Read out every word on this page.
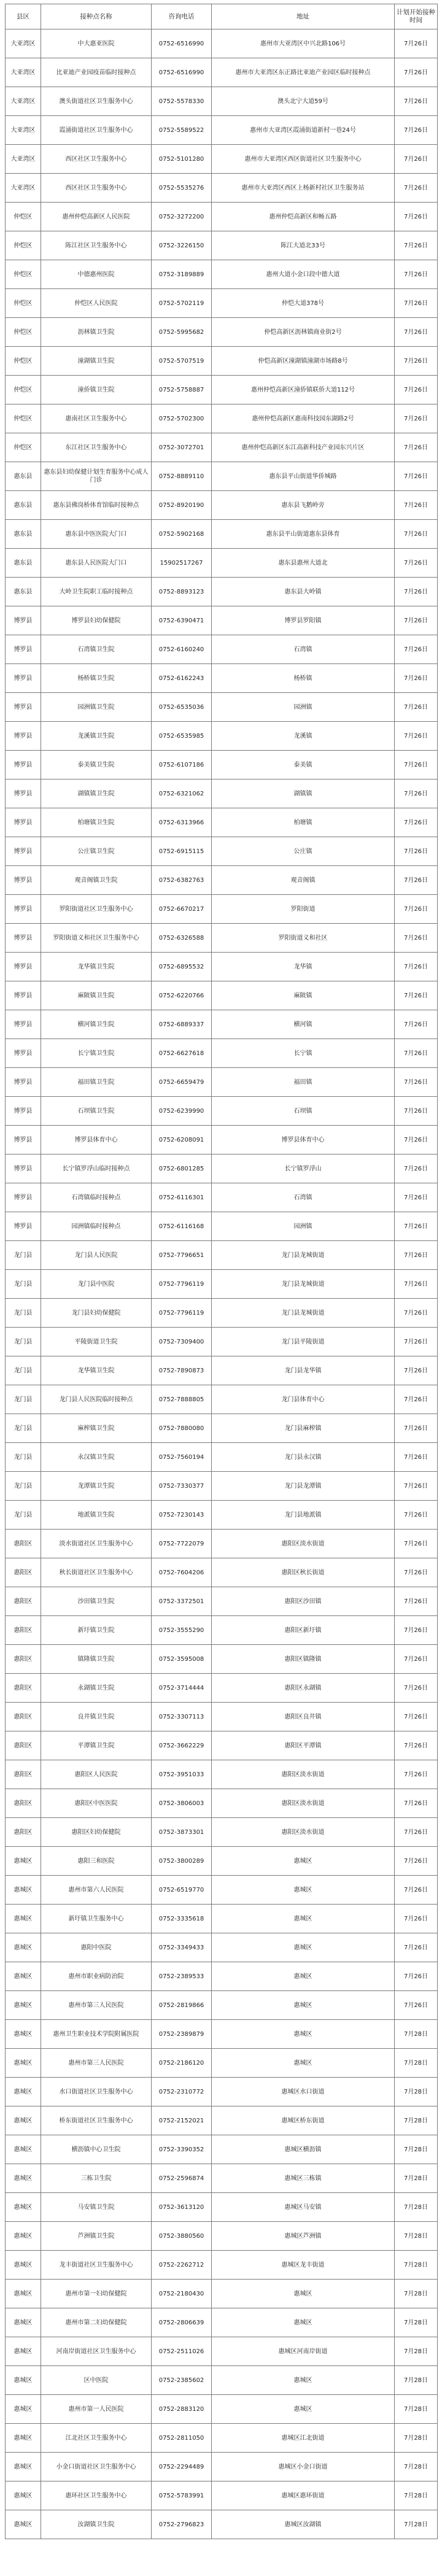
县区	接种点名称	咨询电话	地址	计划开始接种时间
大亚湾区	中大惠亚医院	0752-6516990	惠州市大亚湾区中兴北路106号	7月26日
大亚湾区	比亚迪产业园疫苗临时接种点	0752-6516990	惠州市大亚湾区东正路比亚迪产业园区临时接种点	7月26日
大亚湾区	澳头街道社区卫生服务中心	0752-5578330	澳头北宁大道59号	7月26日
大亚湾区	霞涌街道社区卫生服务中心	0752-5589522	惠州市大亚湾区霞涌街道新村一巷24号	7月26日
大亚湾区	西区社区卫生服务中心	0752-5101280	惠州市大亚湾区西区街道社区卫生服务中心	7月26日
大亚湾区	西区社区卫生服务中心	0752-5535276	惠州市大亚湾区西区上杨新村社区卫生服务站	7月26日
仲恺区	惠州仲恺高新区人民医院	0752-3272200	惠州仲恺高新区和畅五路	7月26日
仲恺区	陈江社区卫生服务中心	0752-3226150	陈江大道北33号	7月26日
仲恺区	中德惠州医院	0752-3189889	惠州大道小金口段中德大道	7月26日
仲恺区	仲恺区人民医院	0752-5702119	仲恺大道378号	7月26日
仲恺区	沥林镇卫生院	0752-5995682	仲恺高新区沥林镇商业街2号	7月26日
仲恺区	潼湖镇卫生院	0752-5707519	仲恺高新区潼湖镇潼湖市场路8号	7月26日
仲恺区	潼侨镇卫生院	0752-5758887	惠州仲恺高新区潼侨镇联侨大道112号	7月26日
仲恺区	惠南社区卫生服务中心	0752-5702300	惠州仲恺高新区惠南科技园东湖路2号	7月26日
仲恺区	东江社区卫生服务中心	0752-3072701	惠州仲恺高新区东江高新科技产业园东兴片区	7月26日
惠东县	惠东县妇幼保健计划生育服务中心成人门诊	0752-8889110	惠东县平山街道华侨城路	7月26日
惠东县	惠东县佛岗桥体育馆临时接种点	0752-8920190	惠东县飞鹅岭旁	7月26日
惠东县	惠东县中医医院大门口	0752-5902168	惠东县平山街道惠东县体育	7月26日
惠东县	惠东县人民医院大门口	15902517267	惠东县惠州大道北	7月26日
惠东县	大岭卫生院职工临时接种点	0752-8893123	惠东县大岭镇	7月26日
博罗县	博罗县妇幼保健院	0752-6390471	博罗县罗阳镇	7月26日
博罗县	石湾镇卫生院	0752-6160240	石湾镇	7月26日
博罗县	杨桥镇卫生院	0752-6162243	杨桥镇	7月26日
博罗县	园洲镇卫生院	0752-6535036	园洲镇	7月26日
博罗县	龙溪镇卫生院	0752-6535985	龙溪镇	7月26日
博罗县	泰美镇卫生院	0752-6107186	泰美镇	7月26日
博罗县	湖镇镇卫生院	0752-6321062	湖镇镇	7月26日
博罗县	柏塘镇卫生院	0752-6313966	柏塘镇	7月26日
博罗县	公庄镇卫生院	0752-6915115	公庄镇	7月26日
博罗县	观音阁镇卫生院	0752-6382763	观音阁镇	7月26日
博罗县	罗阳街道社区卫生服务中心	0752-6670217	罗阳街道	7月26日
博罗县	罗阳街道义和社区卫生服务中心	0752-6326588	罗阳街道义和社区	7月26日
博罗县	龙华镇卫生院	0752-6895532	龙华镇	7月26日
博罗县	麻陂镇卫生院	0752-6220766	麻陂镇	7月26日
博罗县	横河镇卫生院	0752-6889337	横河镇	7月26日
博罗县	长宁镇卫生院	0752-6627618	长宁镇	7月26日
博罗县	福田镇卫生院	0752-6659479	福田镇	7月26日
博罗县	石坝镇卫生院	0752-6239990	石坝镇	7月26日
博罗县	博罗县体育中心	0752-6208091	博罗县体育中心	7月26日
博罗县	长宁镇罗浮山临时接种点	0752-6801285	长宁镇罗浮山	7月26日
博罗县	石湾镇临时接种点	0752-6116301	石湾镇	7月26日
博罗县	园洲镇临时接种点	0752-6116168	园洲镇	7月26日
龙门县	龙门县人民医院	0752-7796651	龙门县龙城街道	7月26日
龙门县	龙门县中医院	0752-7796119	龙门县龙城街道	7月26日
龙门县	龙门县妇幼保健院	0752-7796119	龙门县龙城街道	7月26日
龙门县	平陵街道卫生院	0752-7309400	龙门县平陵街道	7月26日
龙门县	龙华镇卫生院	0752-7890873	龙门县龙华镇	7月26日
龙门县	龙门县人民医院临时接种点	0752-7888805	龙门县体育中心	7月26日
龙门县	麻榨镇卫生院	0752-7880080	龙门县麻榨镇	7月26日
龙门县	永汉镇卫生院	0752-7560194	龙门县永汉镇	7月26日
龙门县	龙潭镇卫生院	0752-7330377	龙门县龙潭镇	7月26日
龙门县	地派镇卫生院	0752-7230143	龙门县地派镇	7月26日
惠阳区	淡水街道社区卫生服务中心	0752-7722079	惠阳区淡水街道	7月26日
惠阳区	秋长街道社区卫生服务中心	0752-7604206	惠阳区秋长街道	7月26日
惠阳区	沙田镇卫生院	0752-3372501	惠阳区沙田镇	7月26日
惠阳区	新圩镇卫生院	0752-3555290	惠阳区新圩镇	7月26日
惠阳区	镇隆镇卫生院	0752-3595008	惠阳区镇隆镇	7月26日
惠阳区	永湖镇卫生院	0752-3714444	惠阳区永湖镇	7月26日
惠阳区	良井镇卫生院	0752-3307113	惠阳区良井镇	7月26日
惠阳区	平潭镇卫生院	0752-3662229	惠阳区平潭镇	7月26日
惠阳区	惠阳区人民医院	0752-3951033	惠阳区淡水街道	7月26日
惠阳区	惠阳区中医医院	0752-3806003	惠阳区淡水街道	7月26日
惠阳区	惠阳区妇幼保健院	0752-3873301	惠阳区淡水街道	7月26日
惠城区	惠阳三和医院	0752-3800289	惠城区	7月26日
惠城区	惠州市第六人民医院	0752-6519770	惠城区	7月26日
惠城区	新圩镇卫生服务中心	0752-3335618	惠城区	7月26日
惠城区	惠阳中医院	0752-3349433	惠城区	7月26日
惠城区	惠州市职业病防治院	0752-2389533	惠城区	7月26日
惠城区	惠州市第三人民医院	0752-2819866	惠城区	7月26日
惠城区	惠州卫生职业技术学院附属医院	0752-2389879	惠城区	7月28日
惠城区	惠州市第三人民医院	0752-2186120	惠城区	7月28日
惠城区	水口街道社区卫生服务中心	0752-2310772	惠城区水口街道	7月28日
惠城区	桥东街道社区卫生服务中心	0752-2152021	惠城区桥东街道	7月28日
惠城区	横沥镇中心卫生院	0752-3390352	惠城区横沥镇	7月28日
惠城区	三栋卫生院	0752-2596874	惠城区三栋镇	7月28日
惠城区	马安镇卫生院	0752-3613120	惠城区马安镇	7月28日
惠城区	芦洲镇卫生院	0752-3880560	惠城区芦洲镇	7月28日
惠城区	龙丰街道社区卫生服务中心	0752-2262712	惠城区龙丰街道	7月28日
惠城区	惠州市第一妇幼保健院	0752-2180430	惠城区	7月28日
惠城区	惠州市第二妇幼保健院	0752-2806639	惠城区	7月28日
惠城区	河南岸街道社区卫生服务中心	0752-2511026	惠城区河南岸街道	7月28日
惠城区	区中医院	0752-2385602	惠城区	7月28日
惠城区	惠州市第一人民医院	0752-2883120	惠城区	7月28日
惠城区	江北社区卫生服务中心	0752-2811050	惠城区江北街道	7月28日
惠城区	小金口街道社区卫生服务中心	0752-2294489	惠城区小金口街道	7月28日
惠城区	惠环社区卫生服务中心	0752-5783991	惠城区惠环街道	7月28日
惠城区	汝湖镇卫生院	0752-2796823	惠城区汝湖镇	7月28日
